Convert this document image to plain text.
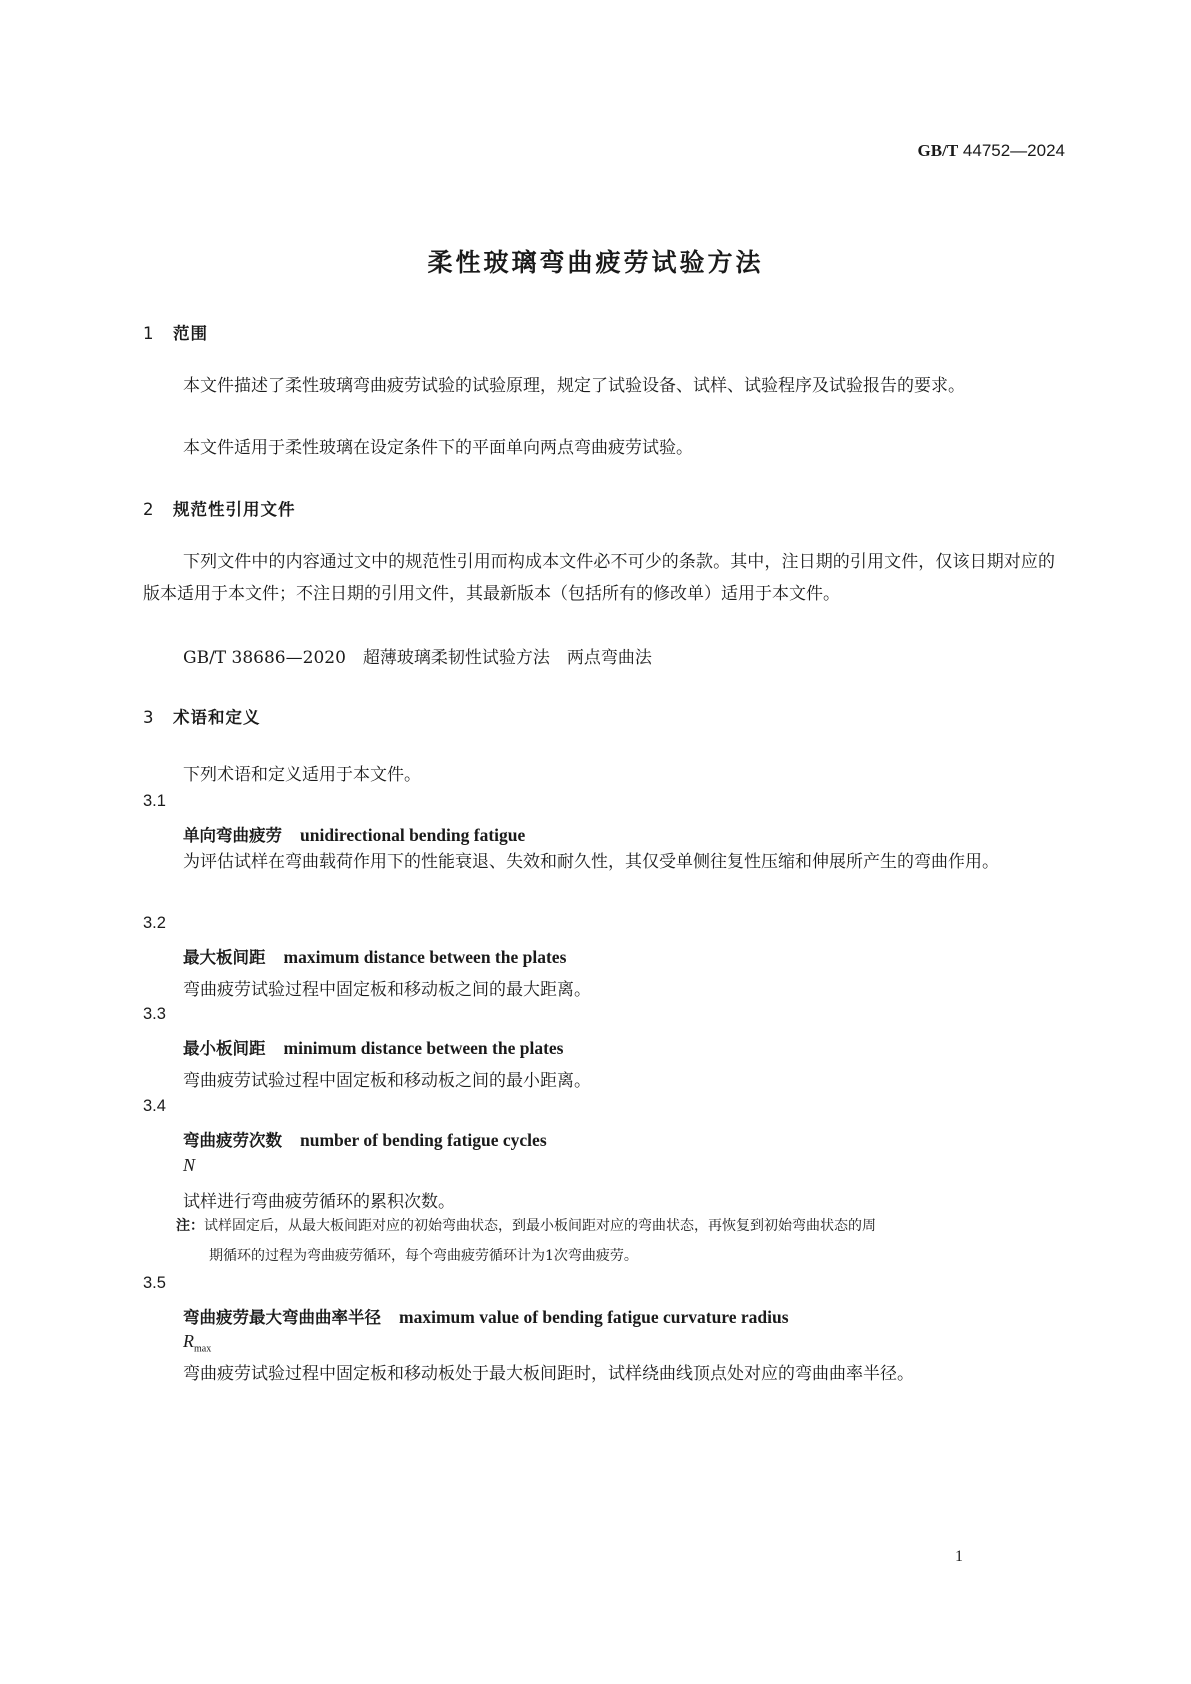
GB/T 44752—2024
柔性玻璃弯曲疲劳试验方法
1 范围
本文件描述了柔性玻璃弯曲疲劳试验的试验原理，规定了试验设备、试样、试验程序及试验报告的要求。
本文件适用于柔性玻璃在设定条件下的平面单向两点弯曲疲劳试验。
2 规范性引用文件
下列文件中的内容通过文中的规范性引用而构成本文件必不可少的条款。其中，注日期的引用文件，仅该日期对应的版本适用于本文件；不注日期的引用文件，其最新版本（包括所有的修改单）适用于本文件。
GB/T 38686—2020　超薄玻璃柔韧性试验方法　两点弯曲法
3 术语和定义
下列术语和定义适用于本文件。
3.1
单向弯曲疲劳 unidirectional bending fatigue
为评估试样在弯曲载荷作用下的性能衰退、失效和耐久性，其仅受单侧往复性压缩和伸展所产生的弯曲作用。
3.2
最大板间距 maximum distance between the plates
弯曲疲劳试验过程中固定板和移动板之间的最大距离。
3.3
最小板间距 minimum distance between the plates
弯曲疲劳试验过程中固定板和移动板之间的最小距离。
3.4
弯曲疲劳次数 number of bending fatigue cycles
N
试样进行弯曲疲劳循环的累积次数。
注：试样固定后，从最大板间距对应的初始弯曲状态，到最小板间距对应的弯曲状态，再恢复到初始弯曲状态的周
期循环的过程为弯曲疲劳循环，每个弯曲疲劳循环计为1次弯曲疲劳。
3.5
弯曲疲劳最大弯曲曲率半径 maximum value of bending fatigue curvature radius
$R_{max}$
弯曲疲劳试验过程中固定板和移动板处于最大板间距时，试样绕曲线顶点处对应的弯曲曲率半径。
1
